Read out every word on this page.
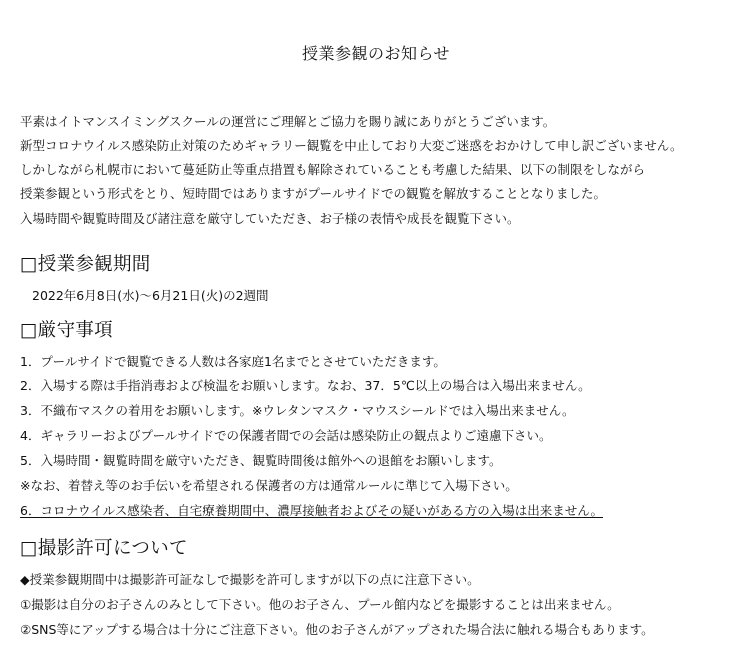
授業参観のお知らせ
平素はイトマンスイミングスクールの運営にご理解とご協力を賜り誠にありがとうございます。
新型コロナウイルス感染防止対策のためギャラリー観覧を中止しており大変ご迷惑をおかけして申し訳ございません。
しかしながら札幌市において蔓延防止等重点措置も解除されていることも考慮した結果、以下の制限をしながら
授業参観という形式をとり、短時間ではありますがプールサイドでの観覧を解放することとなりました。
入場時間や観覧時間及び諸注意を厳守していただき、お子様の表情や成長を観覧下さい。
□授業参観期間
2022年6月8日(水)～6月21日(火)の2週間
□厳守事項
1．プールサイドで観覧できる人数は各家庭1名までとさせていただきます。
2．入場する際は手指消毒および検温をお願いします。なお、37．5℃以上の場合は入場出来ません。
3．不織布マスクの着用をお願いします。※ウレタンマスク・マウスシールドでは入場出来ません。
4．ギャラリーおよびプールサイドでの保護者間での会話は感染防止の観点よりご遠慮下さい。
5．入場時間・観覧時間を厳守いただき、観覧時間後は館外への退館をお願いします。
※なお、着替え等のお手伝いを希望される保護者の方は通常ルールに準じて入場下さい。
6．コロナウイルス感染者、自宅療養期間中、濃厚接触者およびその疑いがある方の入場は出来ません。
□撮影許可について
◆授業参観期間中は撮影許可証なしで撮影を許可しますが以下の点に注意下さい。
①撮影は自分のお子さんのみとして下さい。他のお子さん、プール館内などを撮影することは出来ません。
②SNS等にアップする場合は十分にご注意下さい。他のお子さんがアップされた場合法に触れる場合もあります。
